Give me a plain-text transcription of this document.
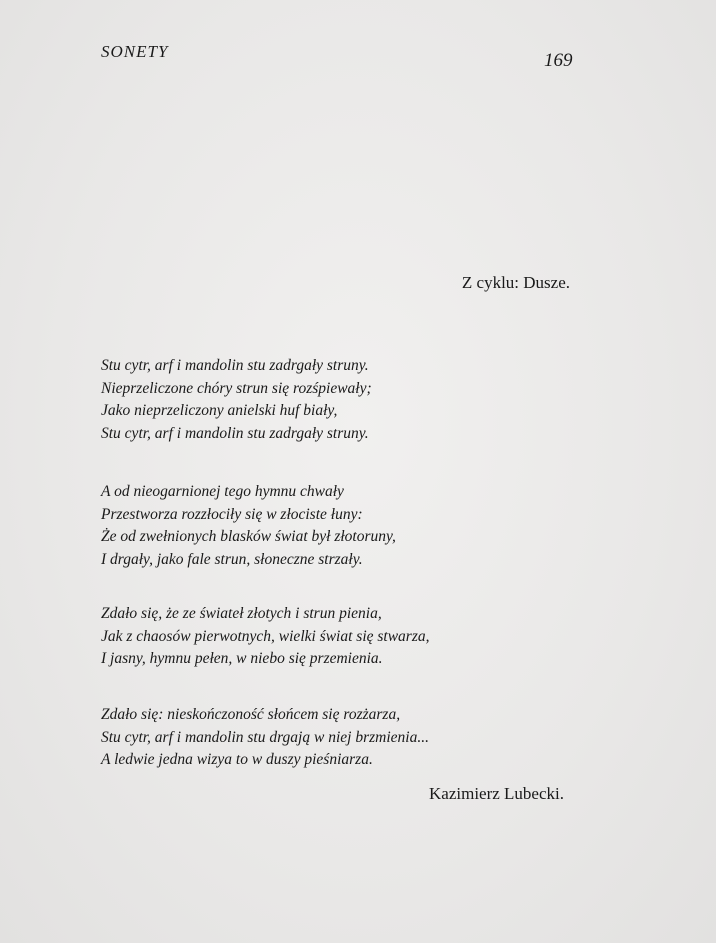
SONETY	169
Z cyklu: Dusze.
Stu cytr, arf i mandolin stu zadrgały struny.
Nieprzeliczone chóry strun się rozśpiewały;
Jako nieprzeliczony anielski huf biały,
Stu cytr, arf i mandolin stu zadrgały struny.
A od nieogarnionej tego hymnu chwały
Przestworza rozzłociły się w złociste łuny:
Że od zwełnionych blasków świat był złotoruny,
I drgały, jako fale strun, słoneczne strzały.
Zdało się, że ze świateł złotych i strun pienia,
Jak z chaosów pierwotnych, wielki świat się stwarza,
I jasny, hymnu pełen, w niebo się przemienia.
Zdało się: nieskończoność słońcem się rozżarza,
Stu cytr, arf i mandolin stu drgają w niej brzmienia...
A ledwie jedna wizya to w duszy pieśniarza.
Kazimierz Lubecki.
